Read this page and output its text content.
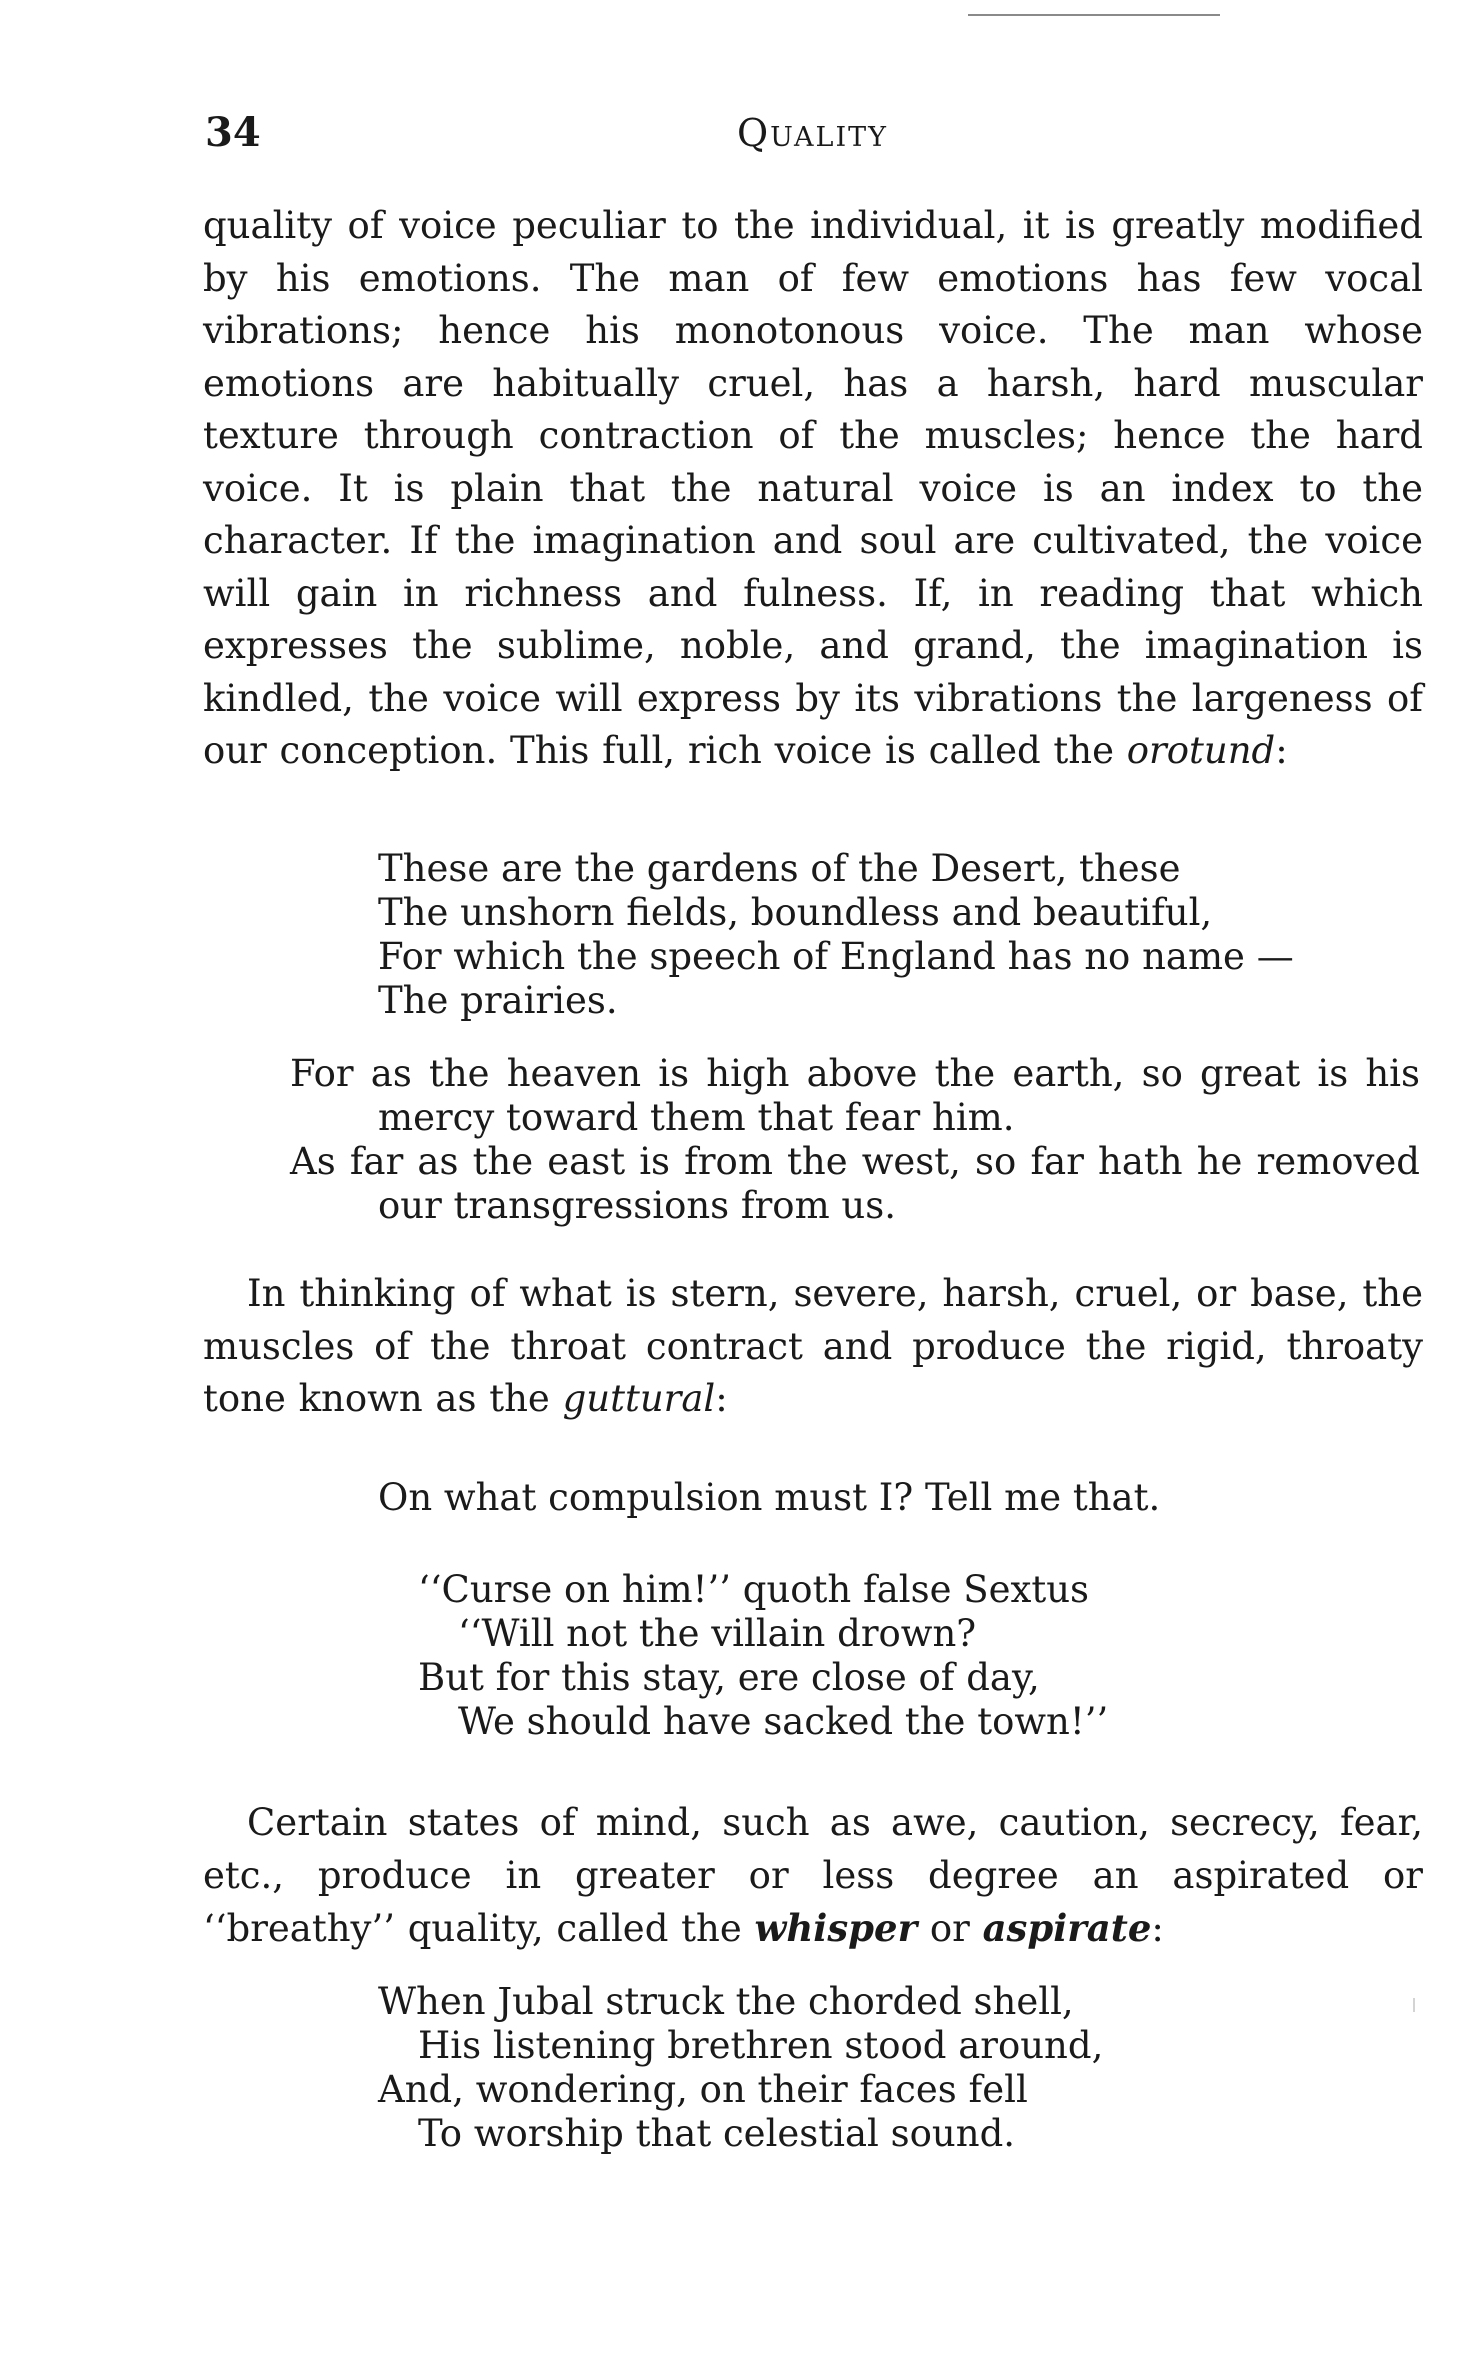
34	Quality

quality of voice peculiar to the individual, it is greatly modified by his emotions. The man of few emotions has few vocal vibrations; hence his monotonous voice. The man whose emotions are habitually cruel, has a harsh, hard muscular texture through contraction of the muscles; hence the hard voice. It is plain that the natural voice is an index to the character. If the imagination and soul are cultivated, the voice will gain in richness and fulness. If, in reading that which expresses the sublime, noble, and grand, the imagination is kindled, the voice will express by its vibrations the largeness of our conception. This full, rich voice is called the orotund:

These are the gardens of the Desert, these
The unshorn fields, boundless and beautiful,
For which the speech of England has no name —
The prairies.
For as the heaven is high above the earth, so great is his mercy toward them that fear him.
As far as the east is from the west, so far hath he removed our transgressions from us.

In thinking of what is stern, severe, harsh, cruel, or base, the muscles of the throat contract and produce the rigid, throaty tone known as the guttural:

On what compulsion must I? Tell me that.
‘‘Curse on him!’’ quoth false Sextus
‘‘Will not the villain drown?
But for this stay, ere close of day,
We should have sacked the town!’’

Certain states of mind, such as awe, caution, secrecy, fear, etc., produce in greater or less degree an aspirated or ‘‘breathy’’ quality, called the whisper or aspirate:

When Jubal struck the chorded shell,
His listening brethren stood around,
And, wondering, on their faces fell
To worship that celestial sound.
